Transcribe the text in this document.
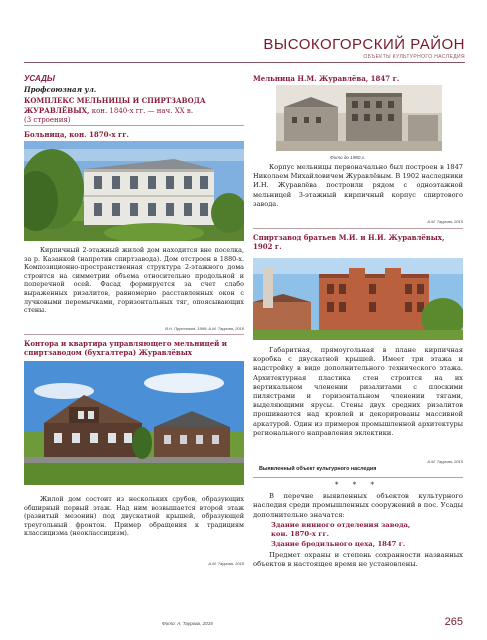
ВЫСОКОГОРСКИЙ РАЙОН
ОБЪЕКТЫ КУЛЬТУРНОГО НАСЛЕДИЯ
УСАДЫ
Профсоюзная ул.
КОМПЛЕКС МЕЛЬНИЦЫ И СПИРТЗАВОДА ЖУРАВЛЁВЫХ, кон. 1840-х гг. — нач. ХХ в.
(3 строения)
Больница, кон. 1870-х гг.
Кирпичный 2-этажный жилой дом находится вне поселка, за р. Казанкой (напротив спиртзавода). Дом отстроен в 1880-х. Композиционно-пространственная структура 2-этажного дома строится на симметрии объема относительно продольной и поперечной осей. Фасад формируется за счет слабо выраженных ризалитов, равномерно расставленных окон с лучковыми перемычками, горизонтальных тяг, опоясывающих стены.
В.Н. Прутников, 1999; А.М. Таурова, 2018
Контора и квартира управляющего мельницей и спиртзаводом (бухгалтера) Журавлёвых
Жилой дом состоит из нескольких срубов, образующих обширный первый этаж. Над ним возвышается второй этаж (развитый мезонин) под двускатной крышей, образующей треугольный фронтон. Пример обращения к традициям классицизма (неоклассицизм).
А.М. Таурова, 2018
Фото: А. Таурова, 2015
Мельница Н.М. Журавлёва, 1847 г.
Фото до 1980 г.
Корпус мельницы первоначально был построен в 1847 Николаем Михайловичем Журавлёвым. В 1902 наследники И.Н. Журавлёва построили рядом с одноэтажной мельницей 3-этажный кирпичный корпус спиртового завода.
А.М. Таурова, 2015
Спиртзавод братьев М.И. и Н.И. Журавлёвых, 1902 г.
Габаритная, прямоугольная в плане кирпичная коробка с двускатной крышей. Имеет три этажа и надстройку в виде дополнительного технического этажа. Архитектурная пластика стен строится на их вертикальном членении ризалитами с плоскими пилястрами и горизонтальном членении тягами, выделяющими ярусы. Стены двух средних ризалитов прошиваются над кровлей и декорированы массивной аркатурой. Один из примеров промышленной архитектуры регионального направления эклектики.
А.М. Таурова, 2015
Выявленный объект культурного наследия
* * *
В перечне выявленных объектов культурного наследия среди промышленных сооружений в пос. Усады дополнительно значатся:
Здание винного отделения завода,
кон. 1870-х гг.
Здание бродильного цеха, 1847 г.
Предмет охраны и степень сохранности названных объектов в настоящее время не установлены.
265
